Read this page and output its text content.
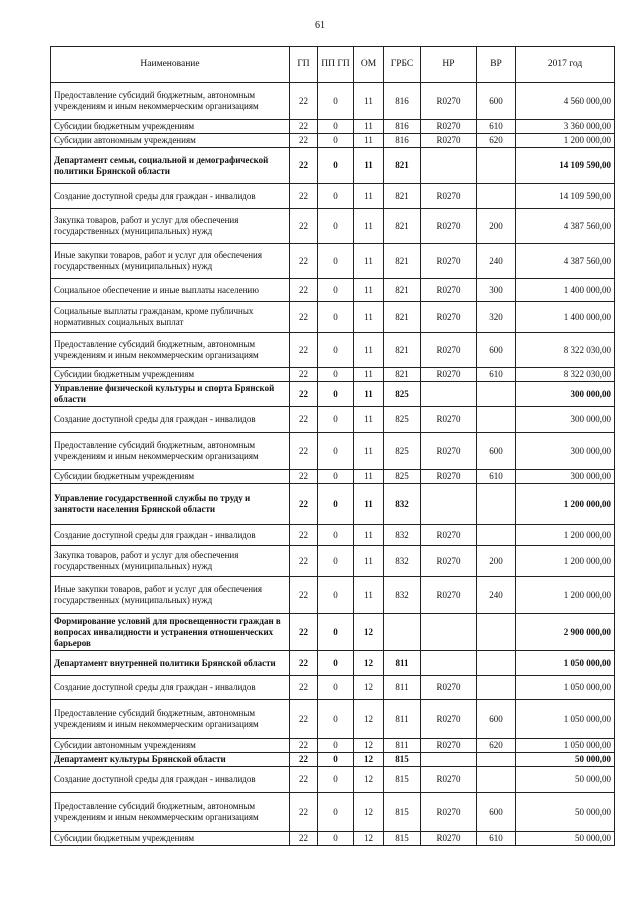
61
Наименование	ГП	ПП ГП	ОМ	ГРБС	НР	ВР	2017 год
Предоставление субсидий бюджетным, автономным учреждениям и иным некоммерческим организациям	22	0	11	816	R0270	600	4 560 000,00
Субсидии бюджетным учреждениям	22	0	11	816	R0270	610	3 360 000,00
Субсидии автономным учреждениям	22	0	11	816	R0270	620	1 200 000,00
Департамент семьи, социальной и демографической политики Брянской области	22	0	11	821			14 109 590,00
Создание доступной среды для граждан - инвалидов	22	0	11	821	R0270		14 109 590,00
Закупка товаров, работ и услуг для обеспечения государственных (муниципальных) нужд	22	0	11	821	R0270	200	4 387 560,00
Иные закупки товаров, работ и услуг для обеспечения государственных (муниципальных) нужд	22	0	11	821	R0270	240	4 387 560,00
Социальное обеспечение и иные выплаты населению	22	0	11	821	R0270	300	1 400 000,00
Социальные выплаты гражданам, кроме публичных нормативных социальных выплат	22	0	11	821	R0270	320	1 400 000,00
Предоставление субсидий бюджетным, автономным учреждениям и иным некоммерческим организациям	22	0	11	821	R0270	600	8 322 030,00
Субсидии бюджетным учреждениям	22	0	11	821	R0270	610	8 322 030,00
Управление физической культуры и спорта Брянской области	22	0	11	825			300 000,00
Создание доступной среды для граждан - инвалидов	22	0	11	825	R0270		300 000,00
Предоставление субсидий бюджетным, автономным учреждениям и иным некоммерческим организациям	22	0	11	825	R0270	600	300 000,00
Субсидии бюджетным учреждениям	22	0	11	825	R0270	610	300 000,00
Управление государственной службы по труду и занятости населения Брянской области	22	0	11	832			1 200 000,00
Создание доступной среды для граждан - инвалидов	22	0	11	832	R0270		1 200 000,00
Закупка товаров, работ и услуг для обеспечения государственных (муниципальных) нужд	22	0	11	832	R0270	200	1 200 000,00
Иные закупки товаров, работ и услуг для обеспечения государственных (муниципальных) нужд	22	0	11	832	R0270	240	1 200 000,00
Формирование условий для просвещенности граждан в вопросах инвалидности и устранения отношенческих барьеров	22	0	12				2 900 000,00
Департамент внутренней политики Брянской области	22	0	12	811			1 050 000,00
Создание доступной среды для граждан - инвалидов	22	0	12	811	R0270		1 050 000,00
Предоставление субсидий бюджетным, автономным учреждениям и иным некоммерческим организациям	22	0	12	811	R0270	600	1 050 000,00
Субсидии автономным учреждениям	22	0	12	811	R0270	620	1 050 000,00
Департамент культуры Брянской области	22	0	12	815			50 000,00
Создание доступной среды для граждан - инвалидов	22	0	12	815	R0270		50 000,00
Предоставление субсидий бюджетным, автономным учреждениям и иным некоммерческим организациям	22	0	12	815	R0270	600	50 000,00
Субсидии бюджетным учреждениям	22	0	12	815	R0270	610	50 000,00
